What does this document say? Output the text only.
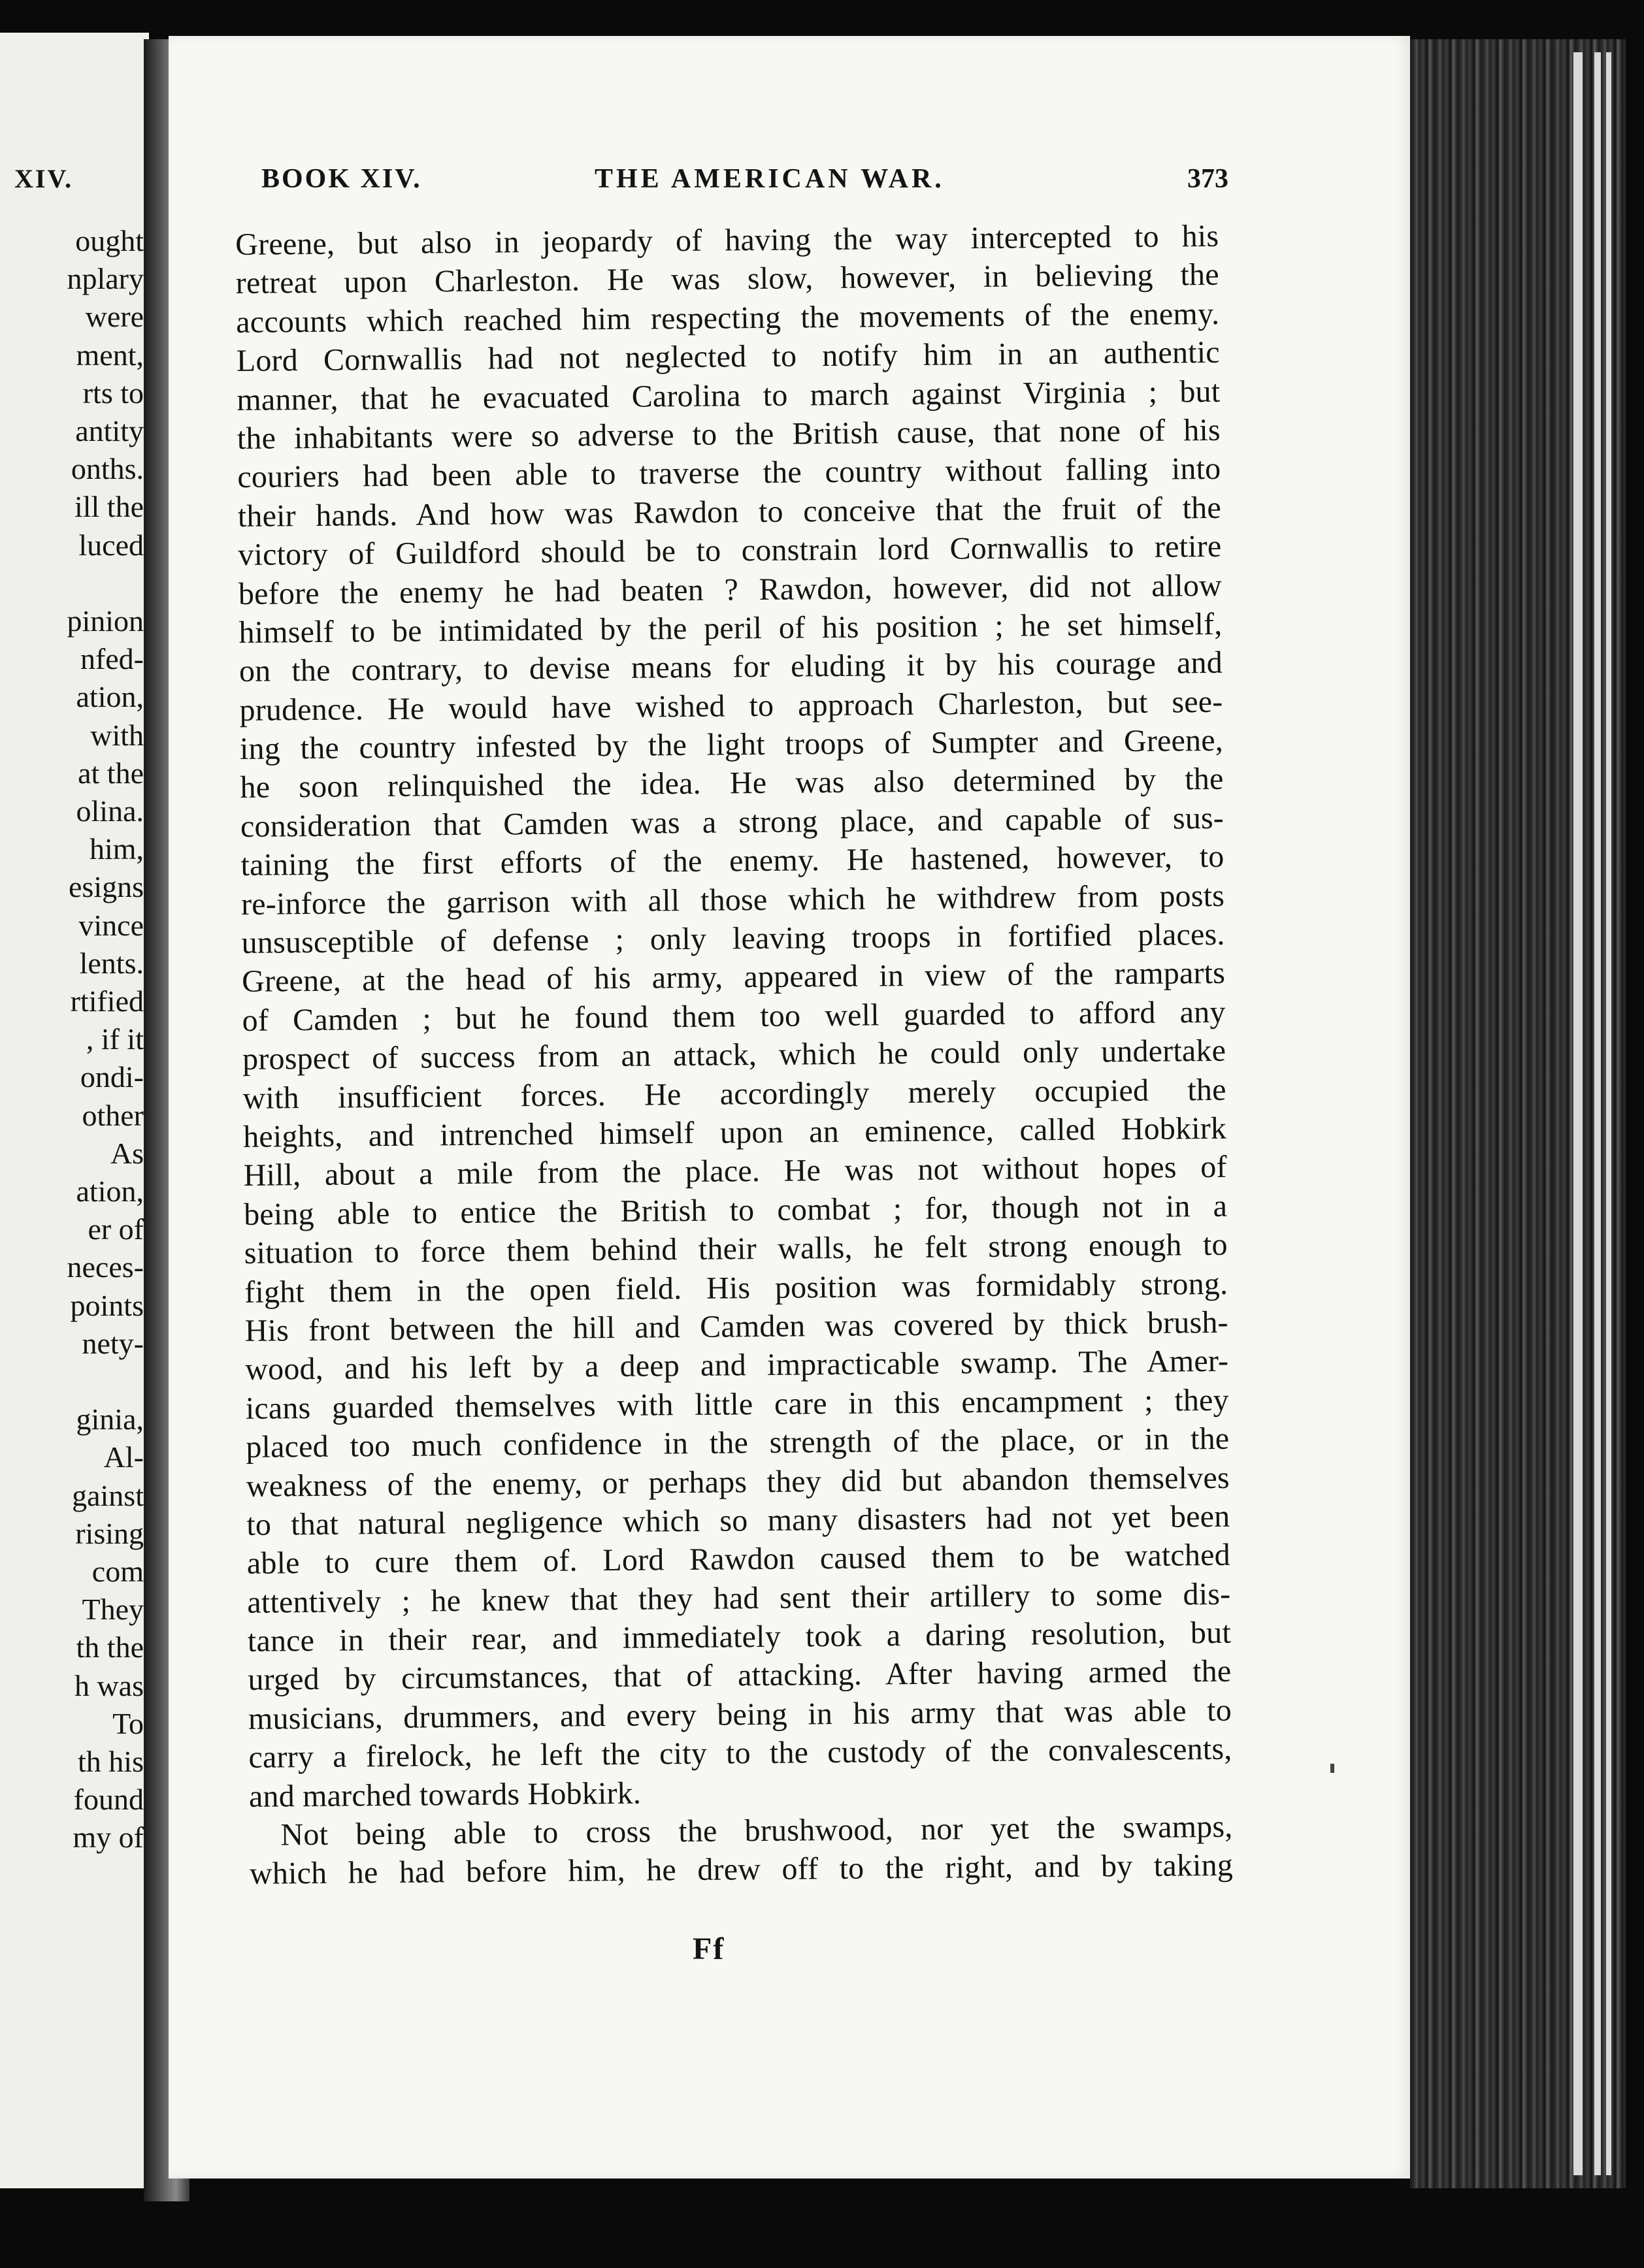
XIV.
ought
nplary
were
ment,
rts to
antity
onths.
ill the
luced
pinion
nfed-
ation,
with
at the
olina.
him,
esigns
vince
lents.
rtified
, if it
ondi-
other
As
ation,
er of
neces-
points
nety-
ginia,
Al-
gainst
rising
com
They
th the
h was
To
th his
found
my of
BOOK XIV.	THE AMERICAN WAR.	373
Greene, but also in jeopardy of having the way intercepted to his
retreat upon Charleston. He was slow, however, in believing the
accounts which reached him respecting the movements of the enemy.
Lord Cornwallis had not neglected to notify him in an authentic
manner, that he evacuated Carolina to march against Virginia ; but
the inhabitants were so adverse to the British cause, that none of his
couriers had been able to traverse the country without falling into
their hands. And how was Rawdon to conceive that the fruit of the
victory of Guildford should be to constrain lord Cornwallis to retire
before the enemy he had beaten ? Rawdon, however, did not allow
himself to be intimidated by the peril of his position ; he set himself,
on the contrary, to devise means for eluding it by his courage and
prudence. He would have wished to approach Charleston, but see-
ing the country infested by the light troops of Sumpter and Greene,
he soon relinquished the idea. He was also determined by the
consideration that Camden was a strong place, and capable of sus-
taining the first efforts of the enemy. He hastened, however, to
re-inforce the garrison with all those which he withdrew from posts
unsusceptible of defense ; only leaving troops in fortified places.
Greene, at the head of his army, appeared in view of the ramparts
of Camden ; but he found them too well guarded to afford any
prospect of success from an attack, which he could only undertake
with insufficient forces. He accordingly merely occupied the
heights, and intrenched himself upon an eminence, called Hobkirk
Hill, about a mile from the place. He was not without hopes of
being able to entice the British to combat ; for, though not in a
situation to force them behind their walls, he felt strong enough to
fight them in the open field. His position was formidably strong.
His front between the hill and Camden was covered by thick brush-
wood, and his left by a deep and impracticable swamp. The Amer-
icans guarded themselves with little care in this encampment ; they
placed too much confidence in the strength of the place, or in the
weakness of the enemy, or perhaps they did but abandon themselves
to that natural negligence which so many disasters had not yet been
able to cure them of. Lord Rawdon caused them to be watched
attentively ; he knew that they had sent their artillery to some dis-
tance in their rear, and immediately took a daring resolution, but
urged by circumstances, that of attacking. After having armed the
musicians, drummers, and every being in his army that was able to
carry a firelock, he left the city to the custody of the convalescents,
and marched towards Hobkirk.
Not being able to cross the brushwood, nor yet the swamps,
which he had before him, he drew off to the right, and by taking
Ff
